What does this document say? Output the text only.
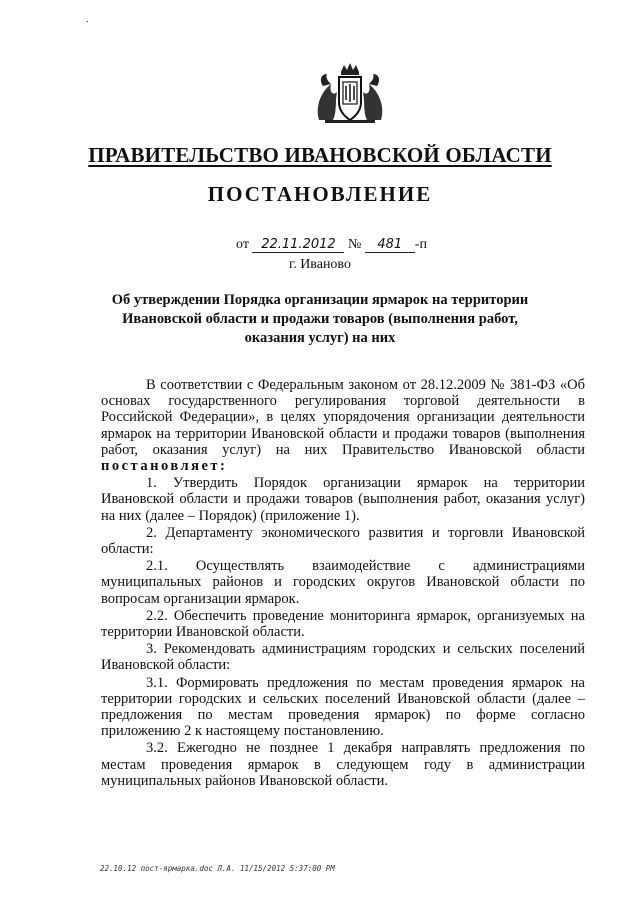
⸱
ПРАВИТЕЛЬСТВО ИВАНОВСКОЙ ОБЛАСТИ
ПОСТАНОВЛЕНИЕ
от 22.11.2012 № 481 -п
г. Иваново
Об утверждении Порядка организации ярмарок на территории Ивановской области и продажи товаров (выполнения работ, оказания услуг) на них

В соответствии с Федеральным законом от 28.12.2009 № 381-ФЗ «Об основах государственного регулирования торговой деятельности в Российской Федерации», в целях упорядочения организации деятельности ярмарок на территории Ивановской области и продажи товаров (выполнения работ, оказания услуг) на них Правительство Ивановской области постановляет:

1. Утвердить Порядок организации ярмарок на территории Ивановской области и продажи товаров (выполнения работ, оказания услуг) на них (далее – Порядок) (приложение 1).

2. Департаменту экономического развития и торговли Ивановской области:

2.1. Осуществлять взаимодействие с администрациями муниципальных районов и городских округов Ивановской области по вопросам организации ярмарок.

2.2. Обеспечить проведение мониторинга ярмарок, организуемых на территории Ивановской области.

3. Рекомендовать администрациям городских и сельских поселений Ивановской области:

3.1. Формировать предложения по местам проведения ярмарок на территории городских и сельских поселений Ивановской области (далее – предложения по местам проведения ярмарок) по форме согласно приложению 2 к настоящему постановлению.

3.2. Ежегодно не позднее 1 декабря направлять предложения по местам проведения ярмарок в следующем году в администрации муниципальных районов Ивановской области.

22.10.12 пост-ярмарка.doc Л.А. 11/15/2012 5:37:00 PM
